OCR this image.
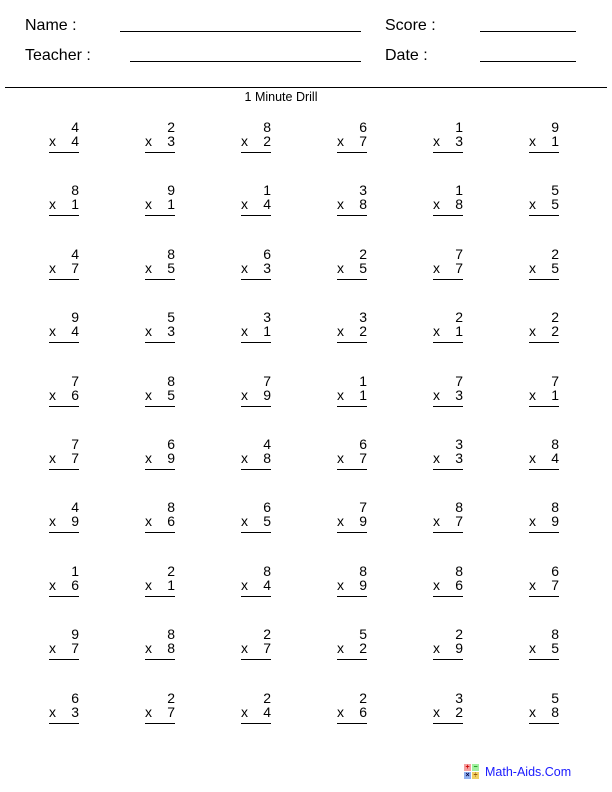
Name :	Score :
Teacher :	Date :
1 Minute Drill
4
x 4
2
x 3
8
x 2
6
x 7
1
x 3
9
x 1
8
x 1
9
x 1
1
x 4
3
x 8
1
x 8
5
x 5
4
x 7
8
x 5
6
x 3
2
x 5
7
x 7
2
x 5
9
x 4
5
x 3
3
x 1
3
x 2
2
x 1
2
x 2
7
x 6
8
x 5
7
x 9
1
x 1
7
x 3
7
x 1
7
x 7
6
x 9
4
x 8
6
x 7
3
x 3
8
x 4
4
x 9
8
x 6
6
x 5
7
x 9
8
x 7
8
x 9
1
x 6
2
x 1
8
x 4
8
x 9
8
x 6
6
x 7
9
x 7
8
x 8
2
x 7
5
x 2
2
x 9
8
x 5
6
x 3
2
x 7
2
x 4
2
x 6
3
x 2
5
x 8
+ −
× ÷ Math-Aids.Com
